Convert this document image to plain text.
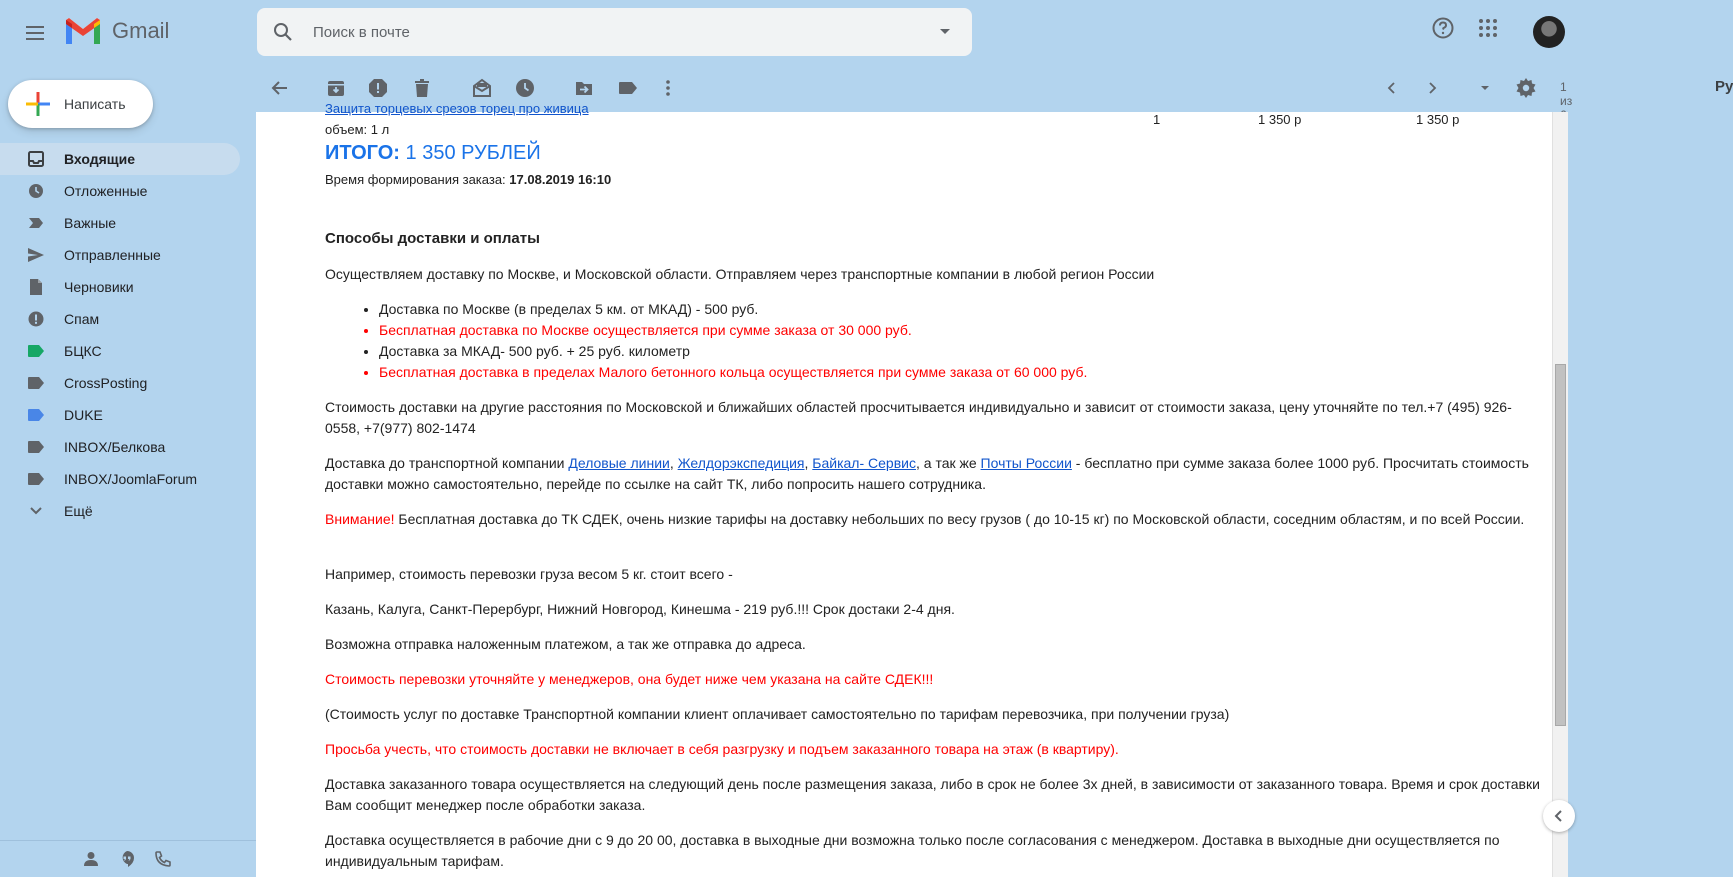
Gmail
Поиск в почте
Написать
Входящие
Отложенные
Важные
Отправленные
Черновики
Спам
БЦКС
CrossPosting
DUKE
INBOX/Белкова
INBOX/JoomlaForum
Ещё
1 из
Ру
Защита торцевых срезов торец про живица
объем: 1 л
1	1 350 р	1 350 р
ИТОГО: 1 350 РУБЛЕЙ
Время формирования заказа: 17.08.2019 16:10

Способы доставки и оплаты

Осуществляем доставку по Москве, и Московской области. Отправляем через транспортные компании в любой регион России

• Доставка по Москве (в пределах 5 км. от МКАД) - 500 руб.
• Бесплатная доставка по Москве осуществляется при сумме заказа от 30 000 руб.
• Доставка за МКАД- 500 руб. + 25 руб. километр
• Бесплатная доставка в пределах Малого бетонного кольца осуществляется при сумме заказа от 60 000 руб.

Стоимость доставки на другие расстояния по Московской и ближайших областей просчитывается индивидуально и зависит от стоимости заказа, цену уточняйте по тел.+7 (495) 926-0558, +7(977) 802-1474

Доставка до транспортной компании Деловые линии, Желдорэкспедиция, Байкал- Сервис, а так же Почты России - бесплатно при сумме заказа более 1000 руб. Просчитать стоимость доставки можно самостоятельно, перейде по ссылке на сайт ТК, либо попросить нашего сотрудника.

Внимание! Бесплатная доставка до ТК СДЕК, очень низкие тарифы на доставку небольших по весу грузов ( до 10-15 кг) по Московской области, соседним областям, и по всей России.

Например, стоимость перевозки груза весом 5 кг. стоит всего -

Казань, Калуга, Санкт-Перербург, Нижний Новгород, Кинешма - 219 руб.!!! Срок достаки 2-4 дня.

Возможна отправка наложенным платежом, а так же отправка до адреса.

Стоимость перевозки уточняйте у менеджеров, она будет ниже чем указана на сайте СДЕК!!!

(Стоимость услуг по доставке Транспортной компании клиент оплачивает самостоятельно по тарифам перевозчика, при получении груза)

Просьба учесть, что стоимость доставки не включает в себя разгрузку и подъем заказанного товара на этаж (в квартиру).

Доставка заказанного товара осуществляется на следующий день после размещения заказа, либо в срок не более 3х дней, в зависимости от заказанного товара. Время и срок доставки Вам сообщит менеджер после обработки заказа.

Доставка осуществляется в рабочие дни с 9 до 20 00, доставка в выходные дни возможна только после согласования с менеджером. Доставка в выходные дни осуществляется по индивидуальным тарифам.
